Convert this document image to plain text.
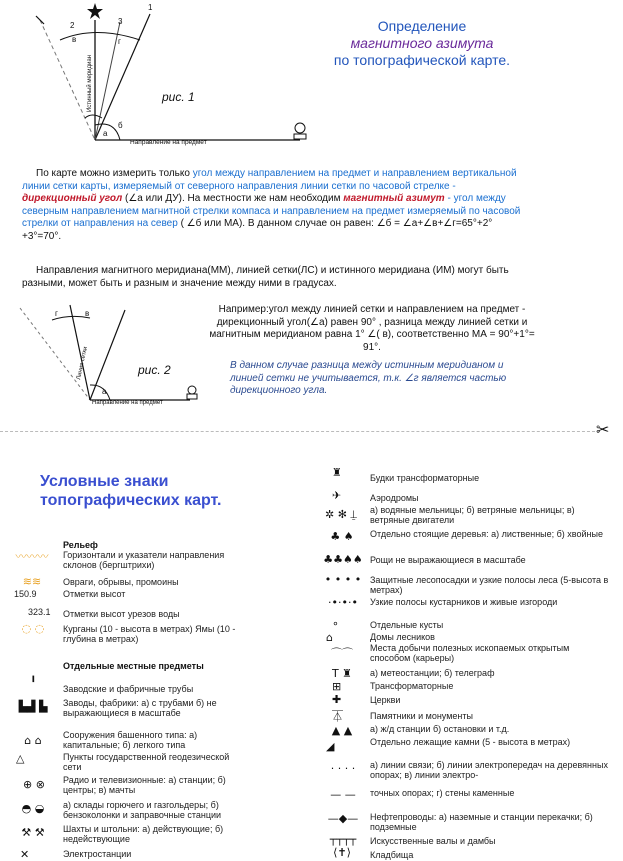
Определение
магнитного азимута
по топографической карте.
2	3
1
в	г
б
а
Направление на предмет
Истинный меридиан	рис. 1
По карте можно измерить только угол между направлением на предмет и направлением вертикальной линии сетки карты, измеряемый от северного направления линии сетки по часовой стрелке - дирекционный угол (∠а или ДУ). На местности же нам необходим магнитный азимут - угол между северным направлением магнитной стрелки компаса и направлением на предмет измеряемый по часовой стрелки от направления на север ( ∠б или МА). В данном случае он равен: ∠б = ∠а+∠в+∠г=65°+2°+3°=70°.
Направления магнитного меридиана(ММ), линией сетки(ЛС) и истинного меридиана (ИМ) могут быть разными, может быть и разным и значение между ними в градусах.
г	в
а
Направление на предмет
Линия сетки	рис. 2
Например:угол между линией сетки и направлением на предмет - дирекционный угол(∠а) равен 90° , разница между линией сетки и магнитным меридианом равна 1° ∠( в), соответственно МА = 90°+1°= 91°.
В данном случае разница между истинным меридианом и линией сетки не учитывается, т.к. ∠г является частью дирекционного угла.
✂
Условные знаки
топографических карт.
Рельеф
〰〰〰	Горизонтали и указатели направления склонов (бергштрихи)
≋≋	Овраги, обрывы, промоины
150.9	Отметки высот
323.1 Отметки высот урезов воды
◌ ◌	Курганы (10 - высота в метрах) Ямы (10 - глубина в метрах)
Отдельные местные предметы
╹	Заводские и фабричные трубы
▙▟ ▙	Заводы, фабрики: а) с трубами б) не выражающиеся в масштабе
⌂ ⌂	Сооружения башенного типа: а) капитальные; б) легкого типа
△	Пункты государственной геодезической сети
⊕ ⊗	Радио и телевизионные: а) станции; б) центры; в) мачты
◓ ◒	а) склады горючего и газгольдеры; б) бензоколонки и заправочные станции
⚒ ⚒	Шахты и штольни: а) действующие; б) недействующие
✕	Электростанции
♜	Будки трансформаторные
✈	Аэродромы
✲ ✻ ⍊	а) водяные мельницы; б) ветряные мельницы; в) ветряные двигатели
♣ ♠	Отдельно стоящие деревья: а) лиственные; б) хвойные
♣♣♠♠ Рощи не выражающиеся в масштабе
• • • • Защитные лесопосадки и узкие полосы леса (5-высота в метрах)
·•·•·•	Узкие полосы кустарников и живые изгороди
∘	Отдельные кусты
⌂	Домы лесников
⌒⌒	Места добычи полезных ископаемых открытым способом (карьеры)
T ♜	а) метеостанции; б) телеграф
⊞	Трансформаторные
✚	Церкви
⏄	Памятники и монументы
▲ ▲	а) ж/д станции б) остановки и т.д.
◢	Отдельно лежащие камни (5 - высота в метрах)
· · · ·	а) линии связи; б) линии электропередач на деревянных опорах; в) линии электро-
— —	точных опорах; г) стены каменные
—◆—	Нефтепроводы: а) наземные и станции перекачки; б) подземные
┬┬┬┬	Искусственные валы и дамбы
⟨✝⟩	Кладбища
